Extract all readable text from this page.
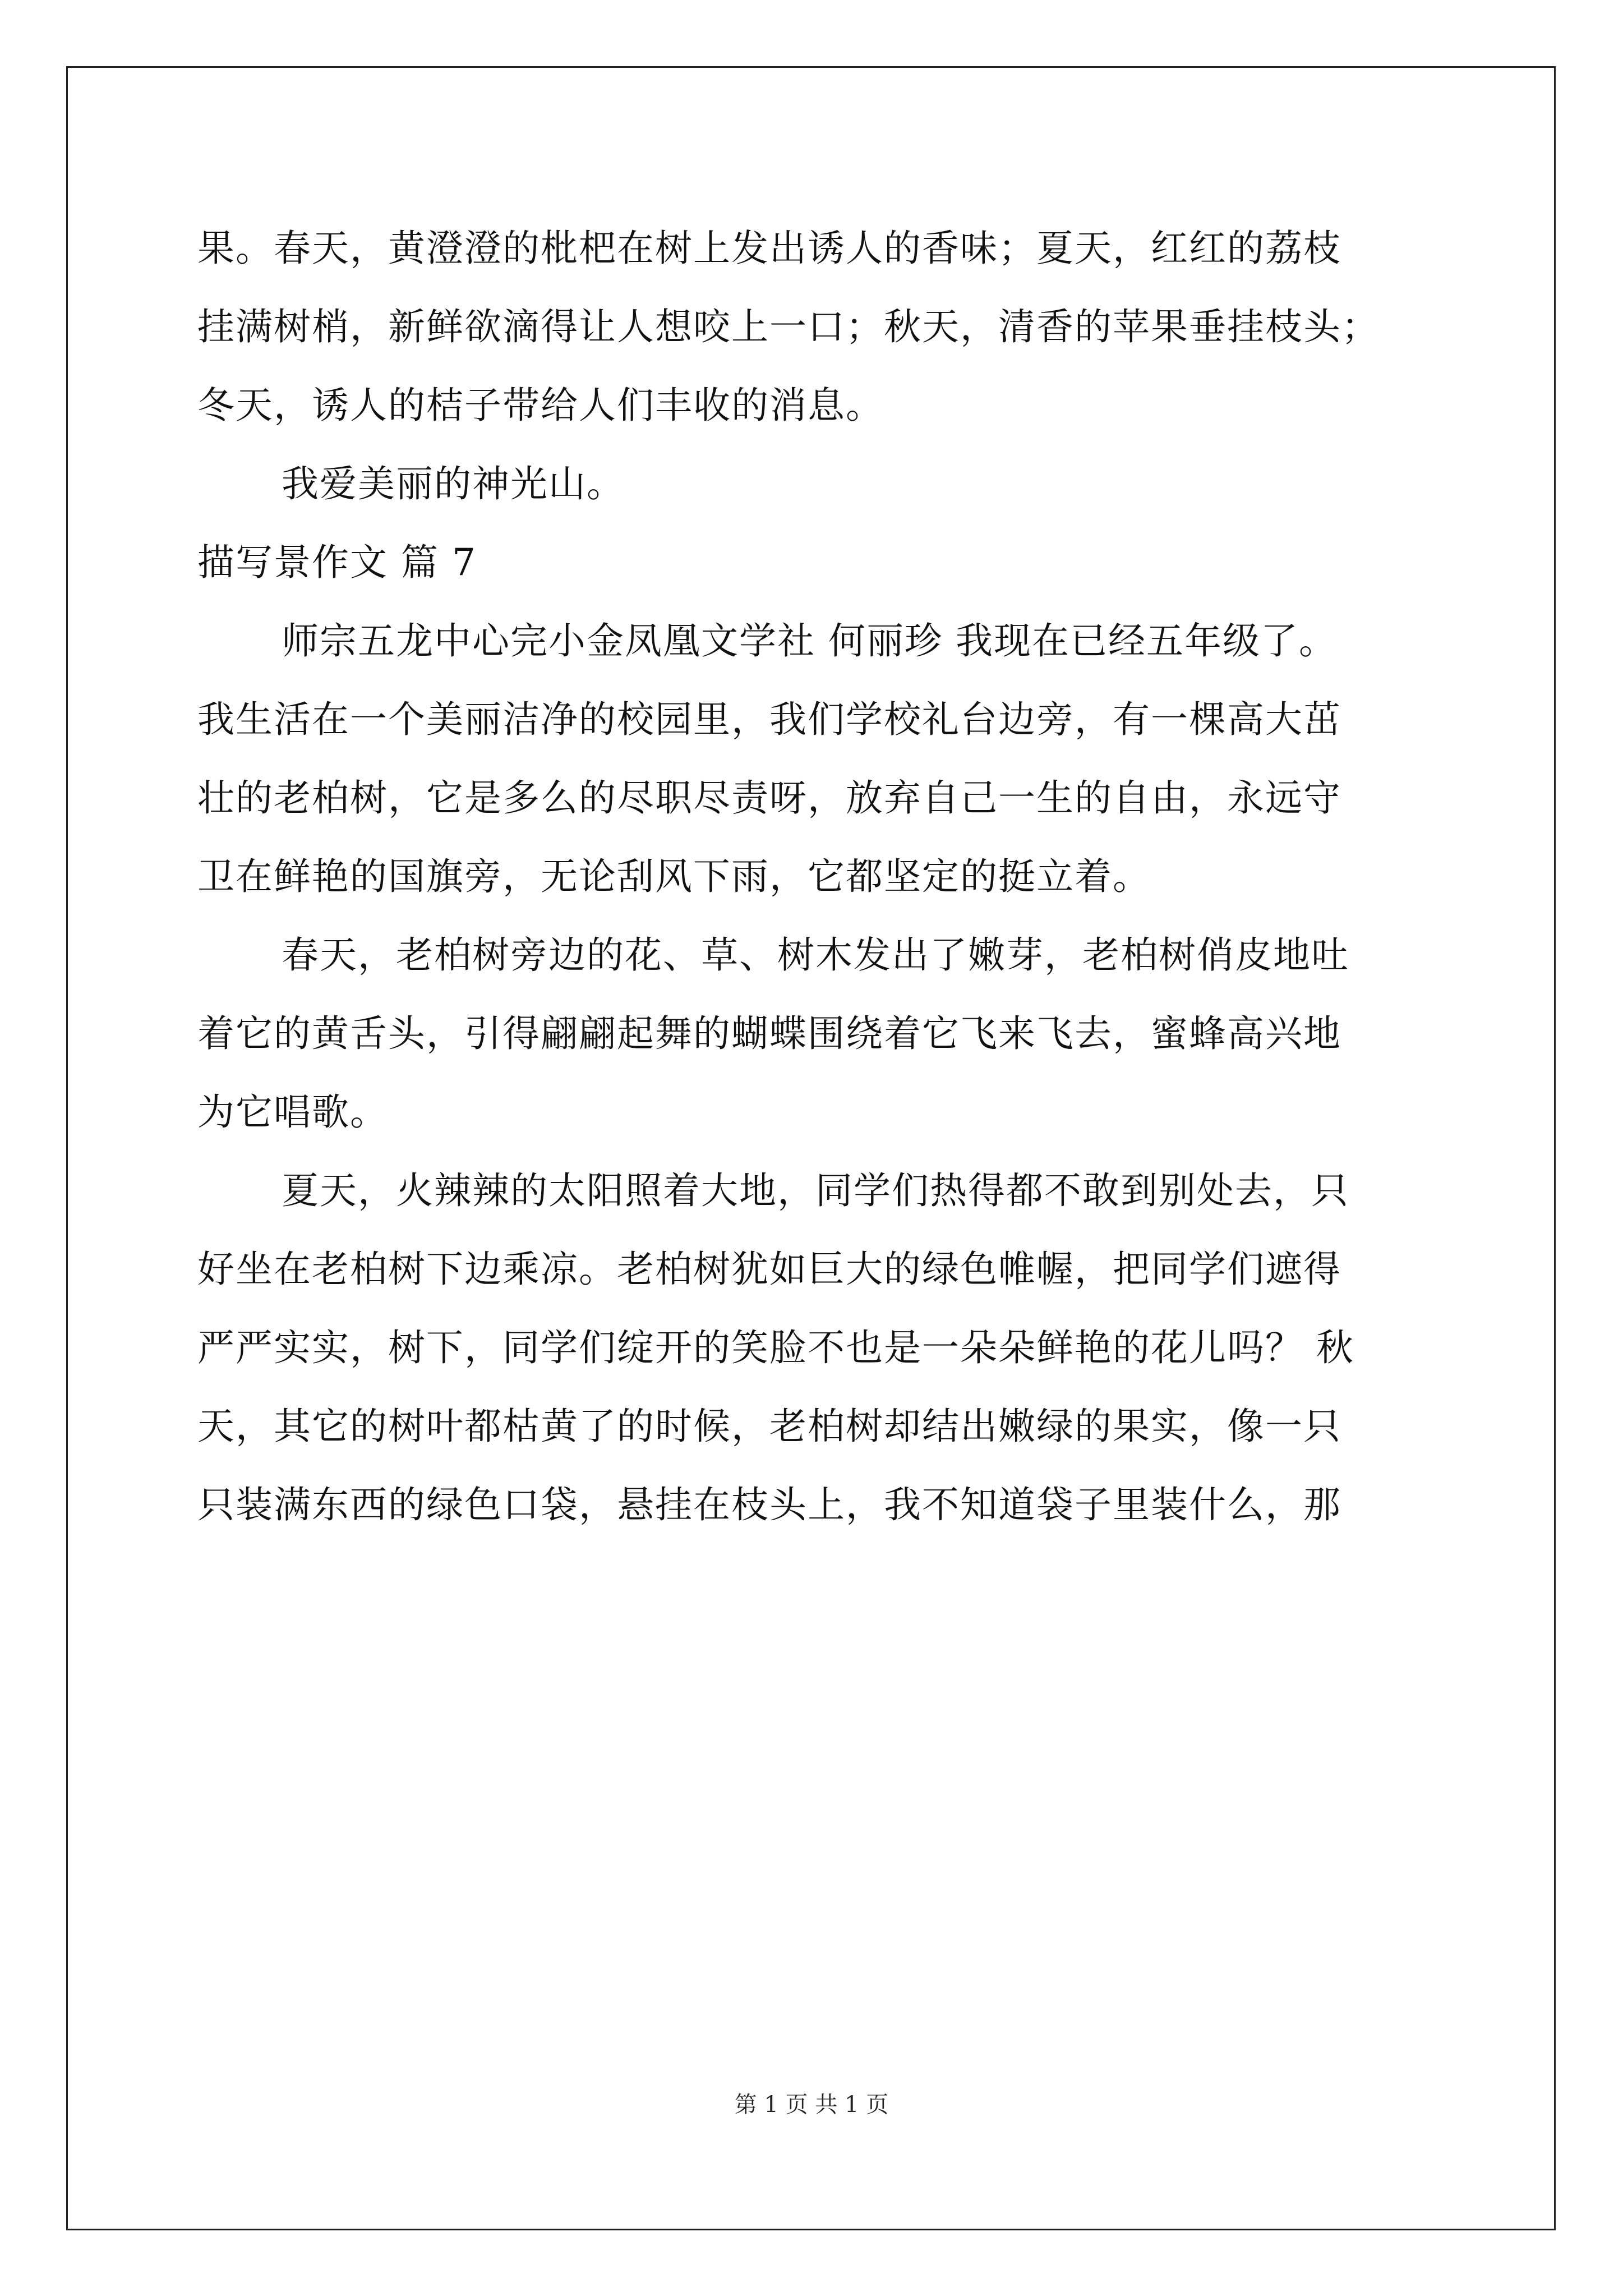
果。春天，黄澄澄的枇杷在树上发出诱人的香味；夏天，红红的荔枝
挂满树梢，新鲜欲滴得让人想咬上一口；秋天，清香的苹果垂挂枝头；
冬天，诱人的桔子带给人们丰收的消息。
我爱美丽的神光山。
描写景作文 篇 7
师宗五龙中心完小金凤凰文学社 何丽珍 我现在已经五年级了。
我生活在一个美丽洁净的校园里，我们学校礼台边旁，有一棵高大茁
壮的老柏树，它是多么的尽职尽责呀，放弃自己一生的自由，永远守
卫在鲜艳的国旗旁，无论刮风下雨，它都坚定的挺立着。
春天，老柏树旁边的花、草、树木发出了嫩芽，老柏树俏皮地吐
着它的黄舌头，引得翩翩起舞的蝴蝶围绕着它飞来飞去，蜜蜂高兴地
为它唱歌。
夏天，火辣辣的太阳照着大地，同学们热得都不敢到别处去，只
好坐在老柏树下边乘凉。老柏树犹如巨大的绿色帷幄，把同学们遮得
严严实实，树下，同学们绽开的笑脸不也是一朵朵鲜艳的花儿吗？ 秋
天，其它的树叶都枯黄了的时候，老柏树却结出嫩绿的果实，像一只
只装满东西的绿色口袋，悬挂在枝头上，我不知道袋子里装什么，那
第 1 页 共 1 页
